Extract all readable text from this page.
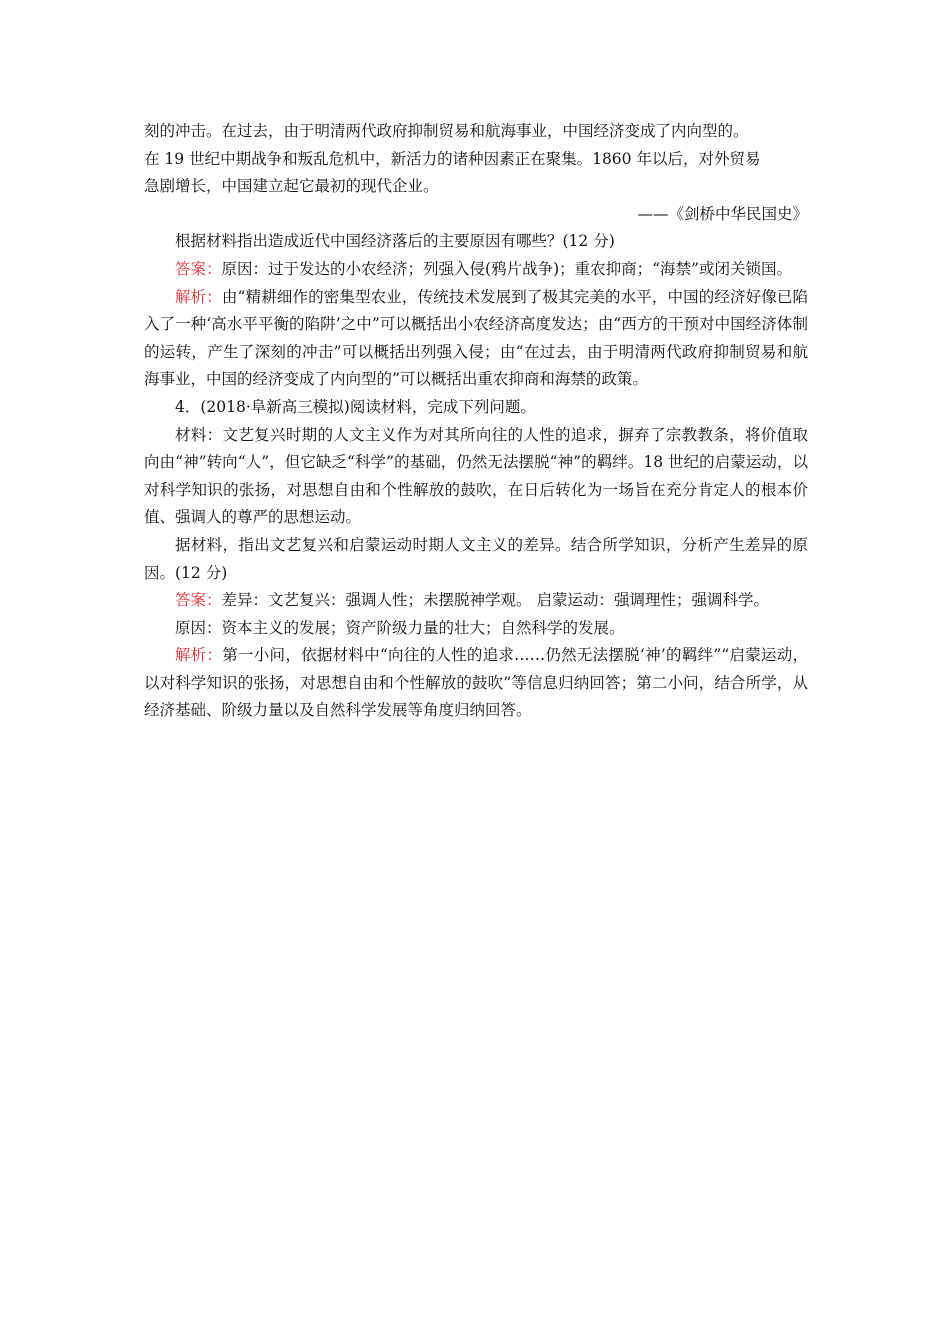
刻的冲击。在过去，由于明清两代政府抑制贸易和航海事业，中国经济变成了内向型的。

在 19 世纪中期战争和叛乱危机中，新活力的诸种因素正在聚集。1860 年以后，对外贸易

急剧增长，中国建立起它最初的现代企业。

——《剑桥中华民国史》

根据材料指出造成近代中国经济落后的主要原因有哪些？(12 分)

答案：原因：过于发达的小农经济；列强入侵(鸦片战争)；重农抑商；“海禁”或闭关锁国。

解析：由“精耕细作的密集型农业，传统技术发展到了极其完美的水平，中国的经济好像已陷入了一种‘高水平平衡的陷阱’之中”可以概括出小农经济高度发达；由“西方的干预对中国经济体制的运转，产生了深刻的冲击”可以概括出列强入侵；由“在过去，由于明清两代政府抑制贸易和航海事业，中国的经济变成了内向型的”可以概括出重农抑商和海禁的政策。

4．(2018·阜新高三模拟)阅读材料，完成下列问题。

材料：文艺复兴时期的人文主义作为对其所向往的人性的追求，摒弃了宗教教条，将价值取向由“神”转向“人”，但它缺乏“科学”的基础，仍然无法摆脱“神”的羁绊。18 世纪的启蒙运动，以对科学知识的张扬，对思想自由和个性解放的鼓吹，在日后转化为一场旨在充分肯定人的根本价值、强调人的尊严的思想运动。

据材料，指出文艺复兴和启蒙运动时期人文主义的差异。结合所学知识，分析产生差异的原因。(12 分)

答案：差异：文艺复兴：强调人性；未摆脱神学观。 启蒙运动：强调理性；强调科学。

原因：资本主义的发展；资产阶级力量的壮大；自然科学的发展。

解析：第一小问，依据材料中“向往的人性的追求……仍然无法摆脱‘神’的羁绊”“启蒙运动，以对科学知识的张扬，对思想自由和个性解放的鼓吹”等信息归纳回答；第二小问，结合所学，从经济基础、阶级力量以及自然科学发展等角度归纳回答。
